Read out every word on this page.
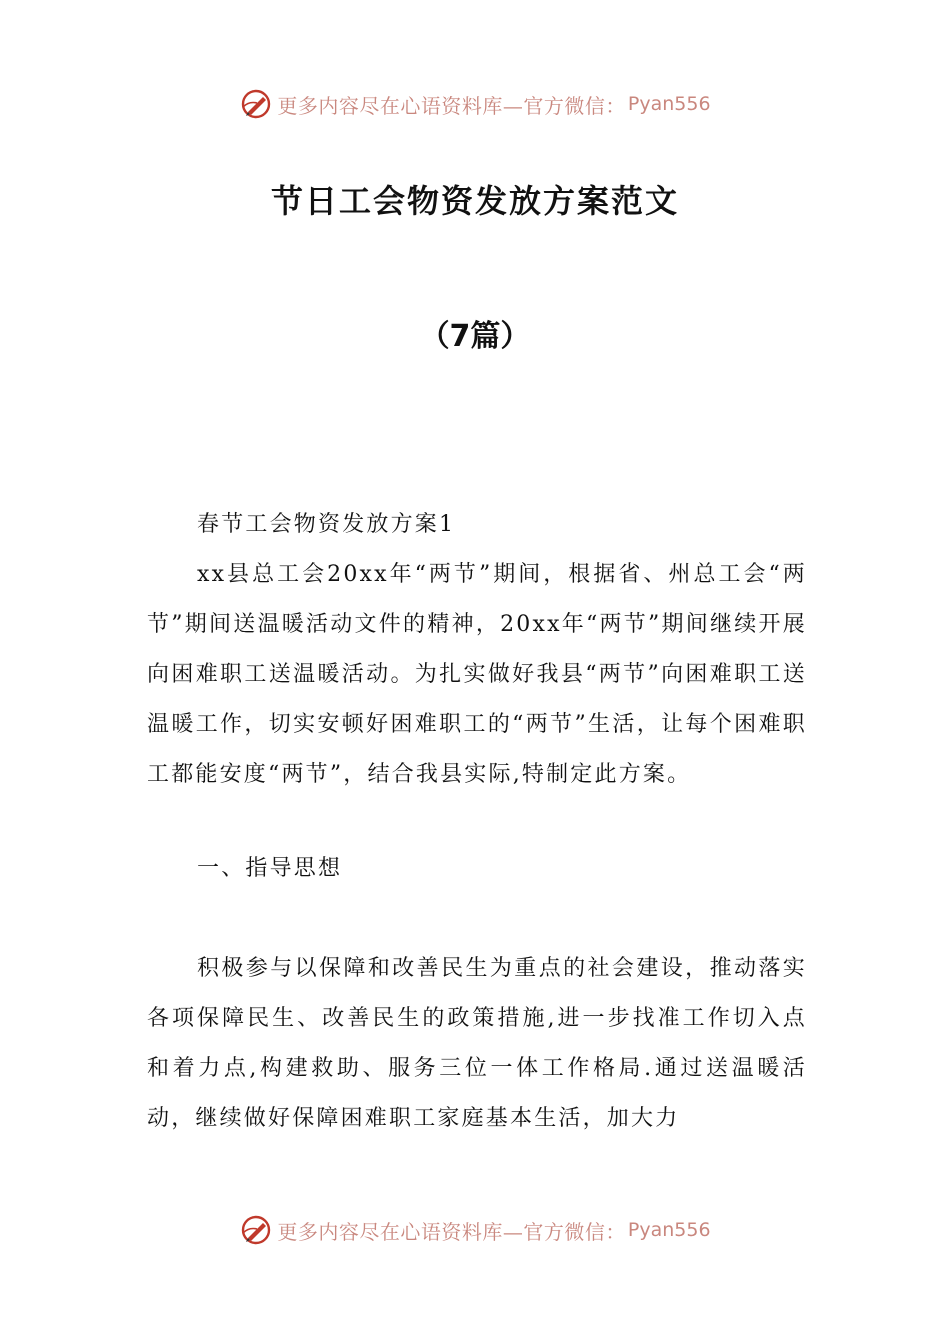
更多内容尽在心语资料库—官方微信： Pyan556
节日工会物资发放方案范文
（7篇）

春节工会物资发放方案1

xx县总工会20xx年“两节”期间，根据省、州总工会“两节”期间送温暖活动文件的精神，20xx年“两节”期间继续开展向困难职工送温暖活动。为扎实做好我县“两节”向困难职工送温暖工作，切实安顿好困难职工的“两节”生活，让每个困难职工都能安度“两节”，结合我县实际,特制定此方案。

一、指导思想

积极参与以保障和改善民生为重点的社会建设，推动落实各项保障民生、改善民生的政策措施,进一步找准工作切入点和着力点,构建救助、服务三位一体工作格局.通过送温暖活动，继续做好保障困难职工家庭基本生活，加大力

更多内容尽在心语资料库—官方微信： Pyan556
